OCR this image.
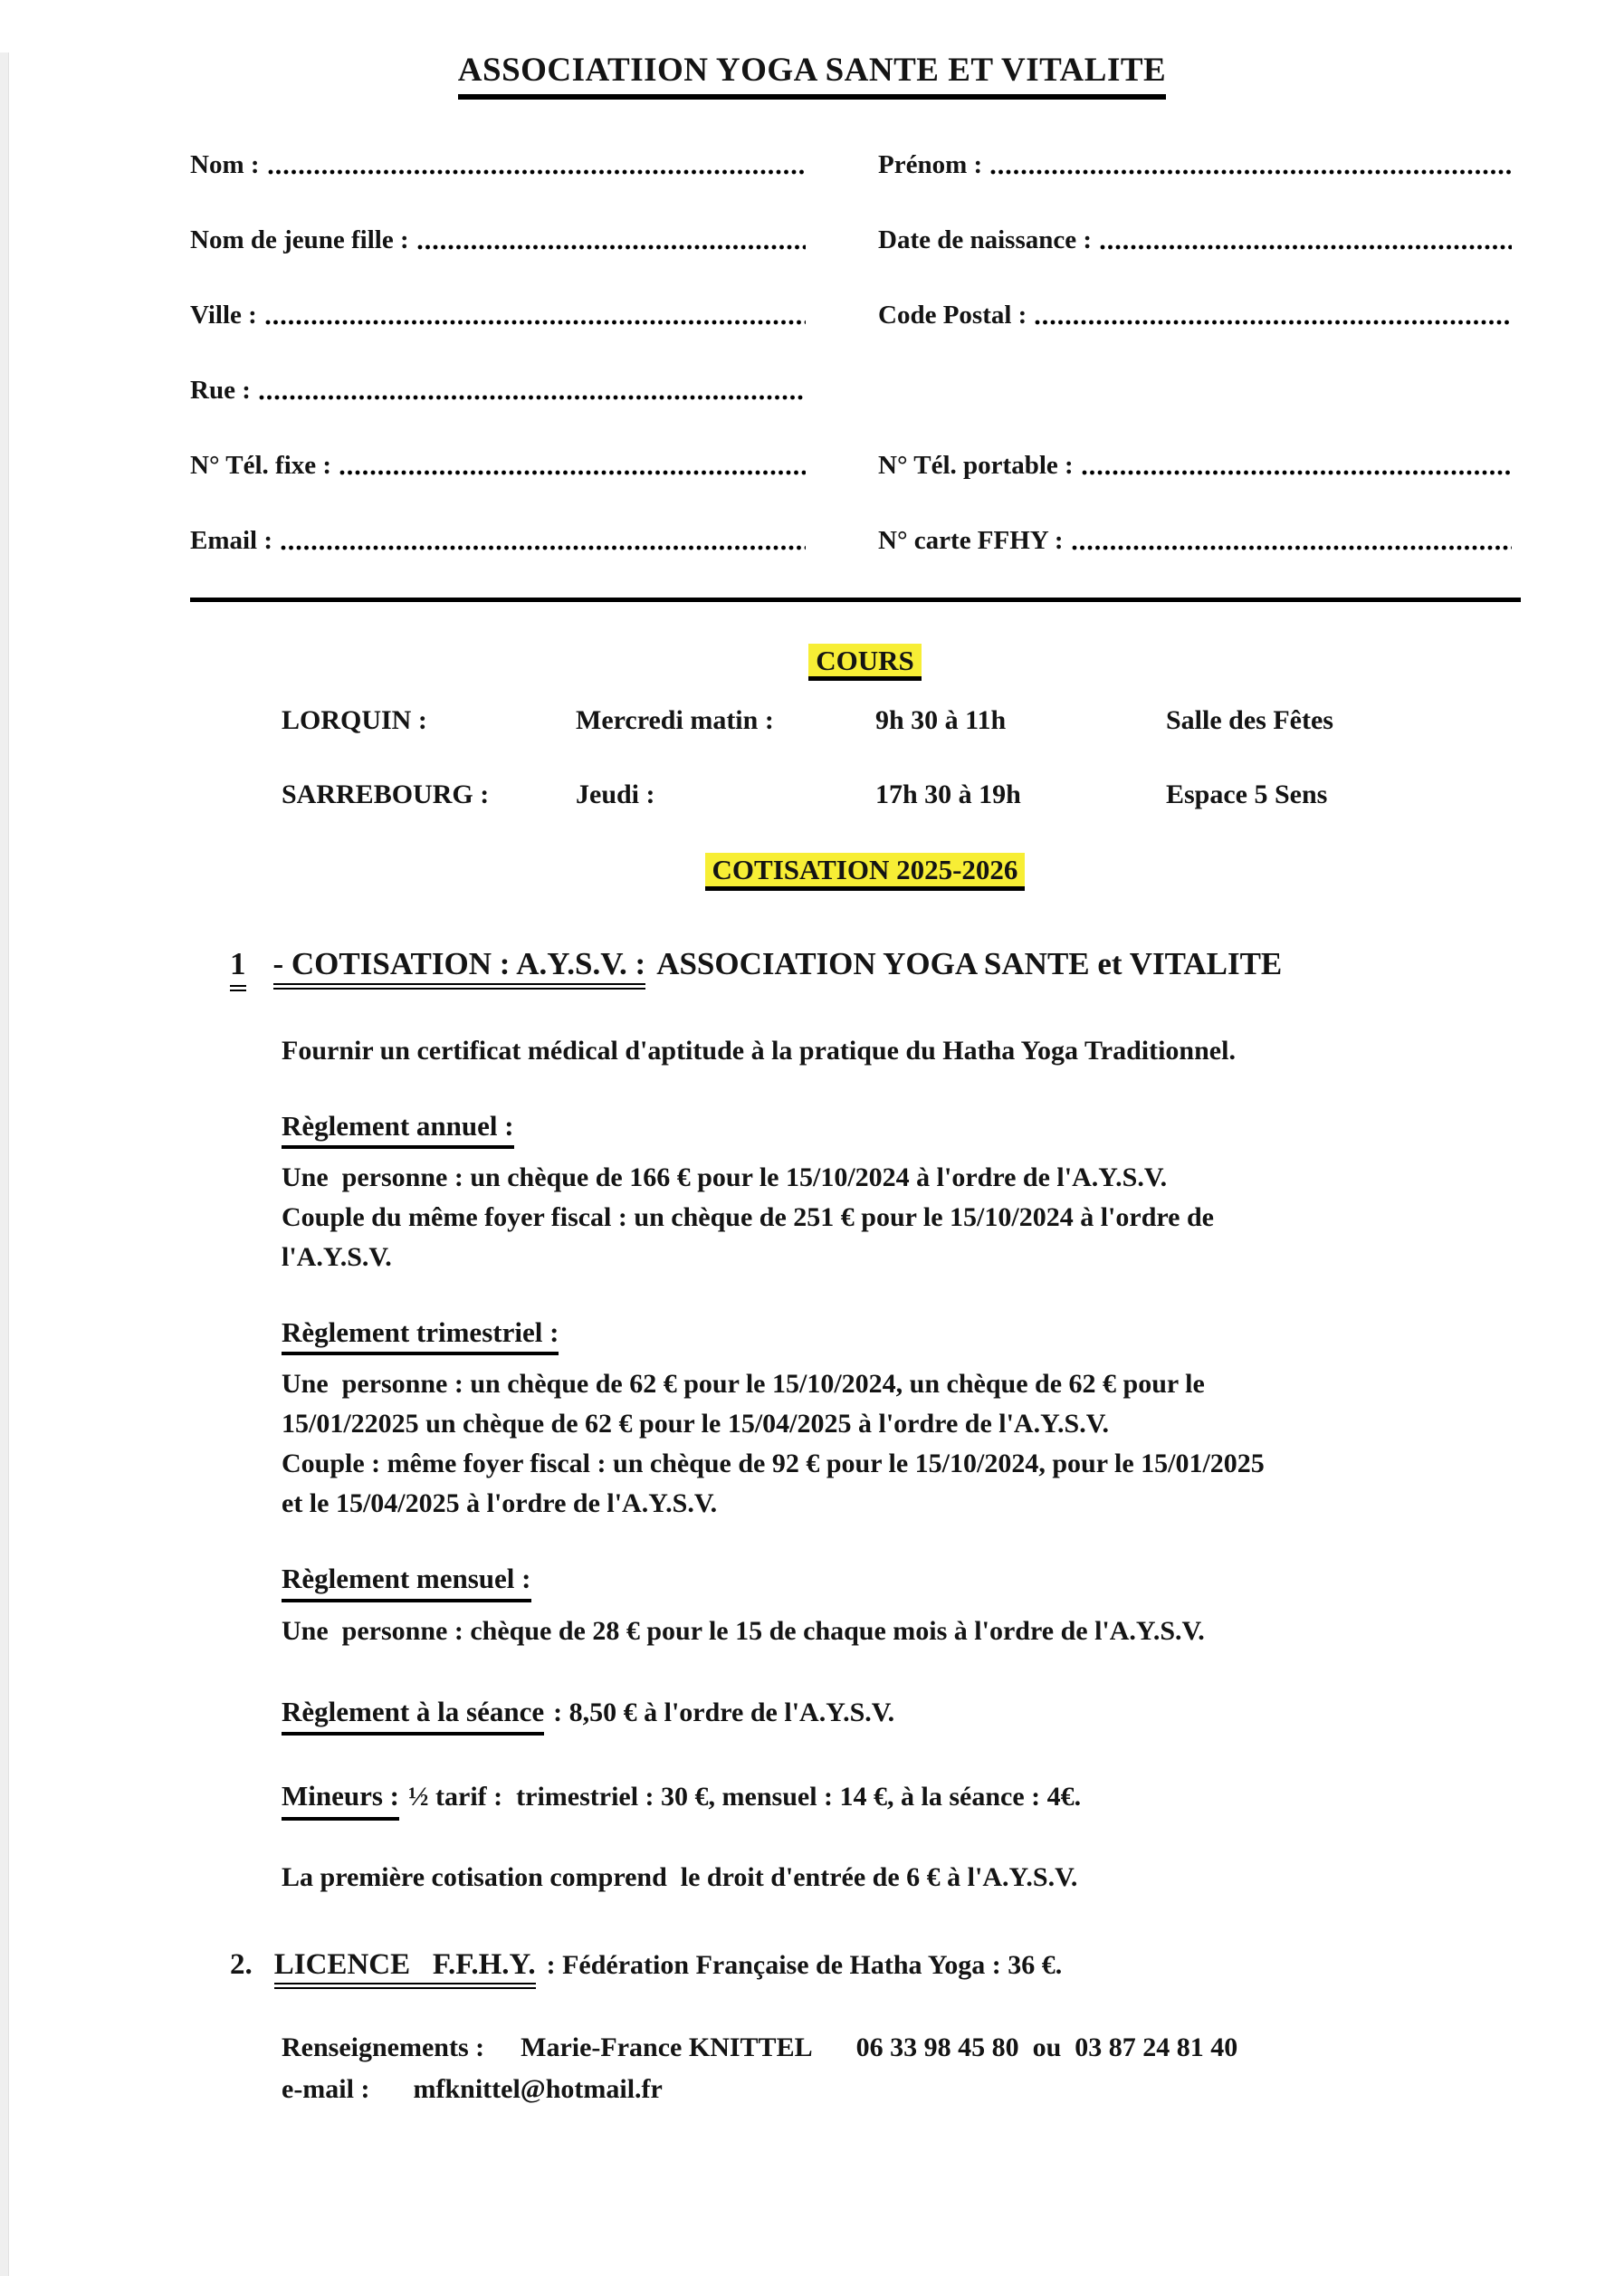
ASSOCIATIION YOGA SANTE ET VITALITE
Nom :	Prénom :
Nom de jeune fille :	Date de naissance :
Ville :	Code Postal :
Rue :
N° Tél. fixe :	N° Tél. portable :
Email :	N° carte FFHY :
COURS
LORQUIN :	Mercredi matin :	9h 30 à 11h	Salle des Fêtes
SARREBOURG :	Jeudi :	17h 30 à 19h	Espace 5 Sens
COTISATION 2025-2026
1 - COTISATION : A.Y.S.V. : ASSOCIATION YOGA SANTE et VITALITE
Fournir un certificat médical d'aptitude à la pratique du Hatha Yoga Traditionnel.
Règlement annuel :
Une  personne : un chèque de 166 € pour le 15/10/2024 à l'ordre de l'A.Y.S.V.
Couple du même foyer fiscal : un chèque de 251 € pour le 15/10/2024 à l'ordre de
l'A.Y.S.V.
Règlement trimestriel :
Une  personne : un chèque de 62 € pour le 15/10/2024, un chèque de 62 € pour le
15/01/22025 un chèque de 62 € pour le 15/04/2025 à l'ordre de l'A.Y.S.V.
Couple : même foyer fiscal : un chèque de 92 € pour le 15/10/2024, pour le 15/01/2025
et le 15/04/2025 à l'ordre de l'A.Y.S.V.
Règlement mensuel :
Une  personne : chèque de 28 € pour le 15 de chaque mois à l'ordre de l'A.Y.S.V.
Règlement à la séance : 8,50 € à l'ordre de l'A.Y.S.V.
Mineurs : ½ tarif :  trimestriel : 30 €, mensuel : 14 €, à la séance : 4€.
La première cotisation comprend  le droit d'entrée de 6 € à l'A.Y.S.V.
2. LICENCE   F.F.H.Y. : Fédération Française de Hatha Yoga : 36 €.
Renseignements : Marie-France KNITTEL 06 33 98 45 80  ou  03 87 24 81 40
e-mail : mfknittel@hotmail.fr
